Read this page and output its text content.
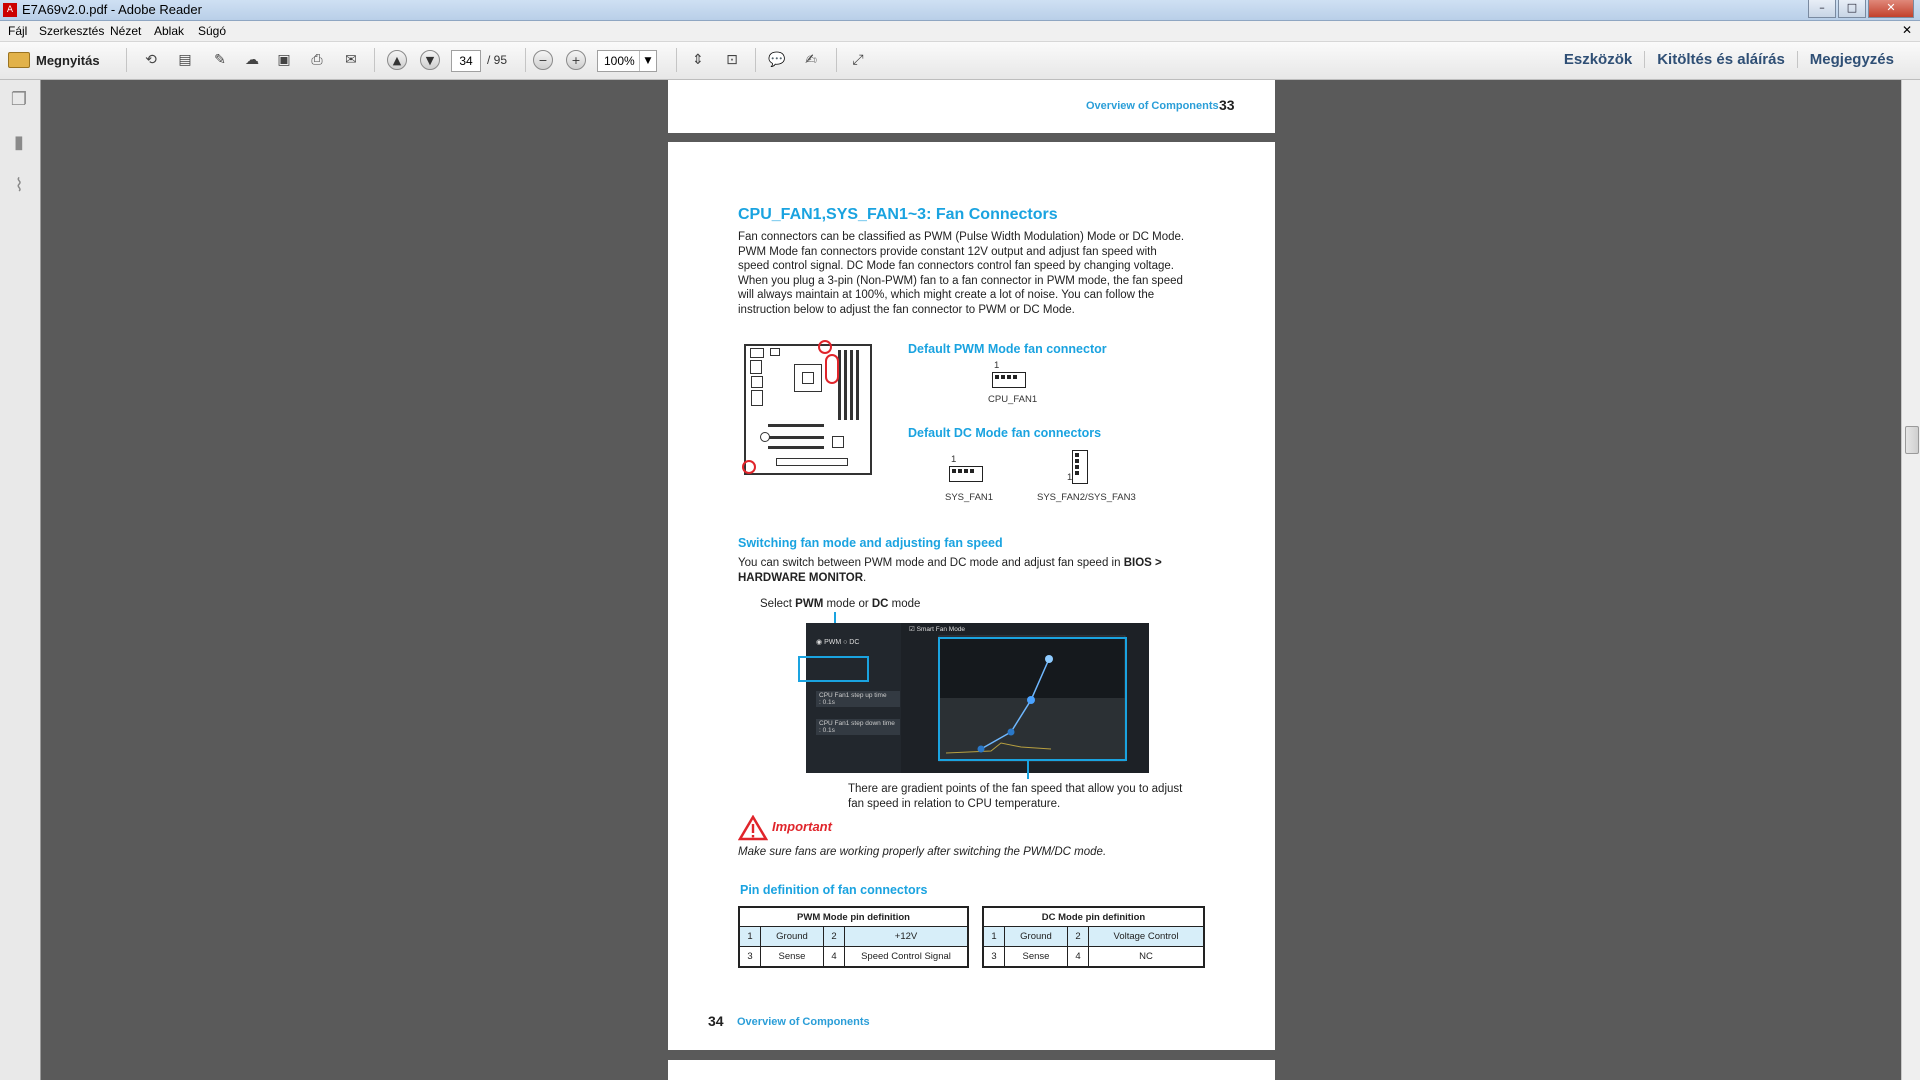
A E7A69v2.0.pdf - Adobe Reader	–	□	✕
Fájl Szerkesztés Nézet Ablak Súgó	✕
Megnyitás	⟲	▤	✎	☁	▣	⎙	✉	▲	▼	34	/ 95	−	+	100%	▼	⇕	⊡	💬	✍	⤢	Eszközök	Kitöltés és aláírás	Megjegyzés
❐
▮
⌇
Overview of Components 33
CPU_FAN1,SYS_FAN1~3: Fan Connectors
Fan connectors can be classified as PWM (Pulse Width Modulation) Mode or DC Mode.
PWM Mode fan connectors provide constant 12V output and adjust fan speed with
speed control signal. DC Mode fan connectors control fan speed by changing voltage.
When you plug a 3-pin (Non-PWM) fan to a fan connector in PWM mode, the fan speed
will always maintain at 100%, which might create a lot of noise. You can follow the
instruction below to adjust the fan connector to PWM or DC Mode.
Default PWM Mode fan connector
1
CPU_FAN1
Default DC Mode fan connectors
1
SYS_FAN1
1
SYS_FAN2/SYS_FAN3
Switching fan mode and adjusting fan speed
You can switch between PWM mode and DC mode and adjust fan speed in BIOS >
HARDWARE MONITOR.
Select PWM mode or DC mode
◉ PWM ○ DC
CPU Fan1 step up time
: 0.1s
CPU Fan1 step down time
: 0.1s
☑ Smart Fan Mode
There are gradient points of the fan speed that allow you to adjust
fan speed in relation to CPU temperature.
Important
Make sure fans are working properly after switching the PWM/DC mode.
Pin definition of fan connectors
PWM Mode pin definition			
1	Ground	2	+12V
3	Sense	4	Speed Control Signal
DC Mode pin definition			
1	Ground	2	Voltage Control
3	Sense	4	NC
34 Overview of Components
